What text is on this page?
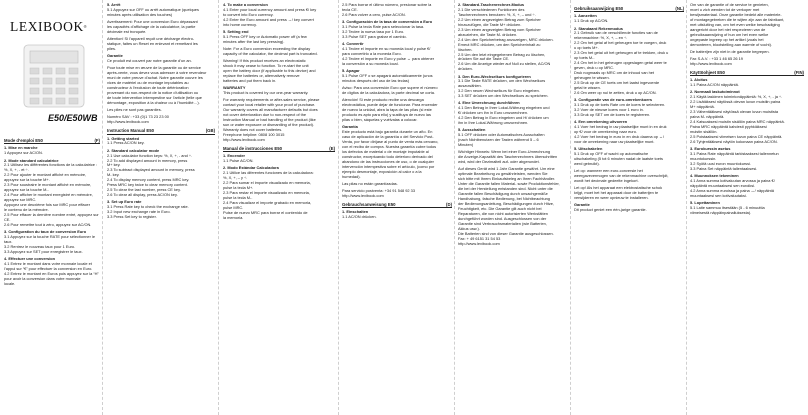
LEXIBOOK®
E50/E50WB
Mode d’emploi E50	(F)

1. Mise en marche

1 Appuyez sur AC/ON.

2. Mode standard calculatrice

2.1 Utilisez les différentes fonctions de la calculatrice :

%, X, +, - et ÷.

2.2 Pour ajouter le montant affiché en mémoire,

appuyez sur la touche M+.

2.3 Pour soustraire le montant affiché en mémoire,

appuyez sur la touche M-.

2.4 Pour afficher le montant enregistré en mémoire,

appuyez sur MRC.

Appuyez une deuxième fois sur MRC pour effacer

le contenu de la mémoire.

2.5 Pour effacer la dernière nombre entré, appuyez sur

CE.

2.6 Pour remettre tout à zéro, appuyez sur AC/ON.

3. Configuration du taux de conversion Euro

3.1 Appuyez sur la touche RATE pour sélectionner le

taux.

3.2 Rentrez le nouveau taux pour 1 Euro.

3.3 Appuyez sur SET pour enregistrer le taux.

4. Effectuer une conversion

4.1 Entrez le montant dans votre monnaie locale et

l’appui sur “€” pour effectuer la conversion en Euro.

4.2 Entrez le montant en Euros puis appuyez sur la “H”

pour avoir la conversion dans votre monnaie

locale.

5. Arrêt

5.1 Appuyez sur OFF ou arrêt automatique (quelques

minutes après utilisation des touches)

Avertissement: Pour une conversion Euro dépassant

les capacités d’affichage de la calculatrice, la partie

décimale est tronquée.

Attention! Si l’appareil reçoit une décharge électro-

statique, faites un Reset en enlevant et remettant les

piles.

Garantie

Ce produit est couvert par notre garantie d’un an.

Pour toute mise en œuvre de la garantie ou de service

après-vente, vous devez vous adresser à votre revendeur

muni de votre preuve d’achat. Notre garantie couvre les

vices de matériel ou de montage imputables au

constructeur à l’exclusion de toute détérioration

provenant du non-respect de la notice d’utilisation ou

de toute intervention intempestive sur l’article (telle que

démontage, exposition à la chaleur ou à l’humidité…).

Les piles ne sont pas garanties.

Numéro SAV : +33 (0)1 73 23 23 00

http://www.lexibook.com

Instruction Manual E50	(GB)

1. Getting started

1.1 Press AC/ON key.

2. Standard calculator mode

2.1 Use calculator function keys: %, X, +, - and ÷.

2.2 To add displayed amount in memory, press

M+ key.

2.3 To subtract displayed amount in memory, press

M- key.

2.4 To display memory content, press MRC key.

Press MRC key twice to clear memory content.

2.5 To clear the last number, press CE key.

2.6 To clear all display, press AC/ON key.

3. Set up Euro rate

3.1 Press Rate key to check the exchange rate.

3.2 Input new exchange rate in Euro.

3.3 Press Set key to register.

4. To make a conversion

4.1 Enter your local currency amount and press €/ key

to convert into Euro currency.

4.2 Enter the Euro amount and press →/ key convert

into home currency.

5. Setting end

5.1 Press OFF key or Automatic power off (a few

minutes after the last key pressing).

Note: For a Euro conversion exceeding the display

capacity of the calculator, the decimal part is truncated.

Warning! If this product receives an electrostatic

shock it may cease to function. To re-start the unit

open the battery door (if applicable to this device) and

replace the batteries or, alternatively remove

batteries and put them back in.

WARRANTY

This product is covered by our one-year warranty.

For warranty requirements or after-sales service, please

contact your local retailer with your proof of purchase.

Our warranty covers all manufacturer defaults but does

not cover deterioration due to non-respect of the

Instruction Manual or bad handling of the product (like

sun or water exposure or dismantling of the product).

Warranty does not cover batteries.

Freephone helpline: 0808 100 3015

http://www.lexibook.com

Manual de instrucciones E50	(E)

1. Encender

1.1 Pulse AC/ON.

2. Modo Estándar Calculadora

2.1 Utilice las diferentes funciones de la calculadora:

%, X, +, – y ÷.

2.2 Para sumar el importe visualizado en memoria,

pulse la tecla M+.

2.3 Para restar el importe visualizado en memoria,

pulse la tecla M-.

2.4 Para visualizar el importe grabado en memoria,

pulse MRC.

Pulse de nuevo MRC para borrar el contenido de

la memoria.

2.5 Para borrar el último número, presionar sobre la

tecla CE.

2.6 Para volver a cero, pulse AC/ON.

3. Configuración de la tasa de conversión a Euro

3.1 Pulse la tecla Rate para seleccionar la tasa.

3.2 Teclee la nueva tasa por 1 Euro.

3.3 Pulse SET para grabar el cambio.

4. Convertir

4.1 Teclee el importe en su moneda local y pulse €/

para convertirlo a la moneda Euro.

4.2 Teclee el importe en Euro y pulse ↔ para obtener

la conversión a su moneda local.

5. Apagar

5.1 Pulse OFF o se apagará automáticamente (unos

minutos después del uso de las teclas)

Aviso: Para una conversión Euro que supere el número

de dígitos de la calculadora, la parte decimal se corta.

Atención! Si este producto recibe una descarga

electrostática, puede dejar de funcionar. Para encender

de nuevo la unidad, abra la tapa de las pilas (si este

producto es apto para ello) y sustituya de nuevo las

pilas o bien, sáquelas y vuélvalas a colocar.

Garantía

Este producto está bajo garantía durante un año. En

caso de aplicación de la garantía o del Servicio Post-

Venta, por favor diríjase al punto de venta más cercano,

con el recibo de compra. Nuestra garantía cubre todos

los defectos de material o de montaje imputable al

constructor, exceptuando todo deterioro derivado del

abandono de las instrucciones de uso, o de cualquier

intervención intempestiva sobre el artículo, (como por

ejemplo desmontaje, exposición al calor o a la

humedad).

Las pilas no están garantizadas.

Para servicio postventa: +34 91 548 92 33

http://www.lexibook.com

Gebrauchsanweisung E50	(D)

1. Einschalten

1.1 AC/ON drücken.

2. Standard-Taschenrechner-Modus

2.1 Die verschiedenen Funktionen des

Taschenrechners benutzen: %, X, +, – und ÷.

2.2 Um einen angezeigten Betrag zum Speicher

hinzuzufügen, die Taste M+ drücken.

2.3 Um einen angezeigten Betrag vom Speicher

abzuziehen, die Taste M- drücken.

2.4 Um den Speicherbetrag anzuzeigen, MRC drücken.

Erneut MRC drücken, um den Speicherinhalt zu

löschen.

2.5 Um den letzt eingegebenen Betrag zu löschen,

drücken Sie auf die Taste CE.

2.6 Um die Anzeige wieder auf Null zu stellen, AC/ON

drücken.

3. Den Euro-Wechselkurs konfigurieren

3.1 Die Taste RATE drücken, um den Wechselkurs

auszuwählen.

3.2 Den neuen Wechselkurs für Euro eingeben.

3.3 SET drücken um den Wechselkurs zu speichern.

4. Eine Umrechnung durchführen

4.1 Den Betrag in Ihrer Lokal-Währung eingeben und

€/ drücken um ihn in Euro umzurechnen.

4.2 Den Betrag in Euro eingeben und H/ drücken um

ihn in Ihre Lokal-Währung umzurechnen.

5. Ausschalten

5.1 OFF drücken oder Automatisches Ausschalten

(nach Nichtbenutzen der Tasten während 5 – 6

Minuten)

Wichtiger Hinweis: Wenn bei einer Euro-Umrechnung

die Anzeige-Kapazität des Taschenrechners überschritten

wird, wird der Dezimalteil auf- oder abgerundet.

Auf dieses Gerät wird 1 Jahr Garantie gewährt. Um eine

optimale Bearbeitung zu gewährleisten, wenden Sie

sich bitte mit Ihrem Einkaufsbeleg an Ihren Fachhändler.

Unter die Garantie fallen Material- sowie Produktionsfehler,

die bei der Herstellung entstanden sind. Nicht unter die

Garantie fallen Beschädigung durch unsachgemäße

Handhabung, falsche Bedienung, bei Nichtbeachtung

der Bedienungsanleitung, Beschädigungen durch Hitze,

Feuchtigkeit, etc. Die Garantie gilt auch nicht bei

Reparaturen, die von nicht autorisierten Werkstätten

durchgeführt worden sind. Ausgeschlossen von der

Garantie sind Verbrauchsmaterialien (wie Batterien,

Akkus usw.).

Die Batterien sind von dieser Garantie ausgeschlossen.

Fax: + 49 6151 31 54 53

http://www.lexibook.com

Gebruiksaanwijzing E50	(NL)

1. Aanzetten

1.1 Druk op AC/ON.

2. Standaard Rekenmodus

2.1 Gebruik van de verschillende functies van de

rekenmachine: %, X, +, – en ÷.

2.2 Om het getal af het geheugen toe te voegen, druk

u op toets M+.

2.3 Om het getal uit het geheugen af te trekken, druk u

op toets M-.

2.4 Om het in het geheugen opgeslagen getal weer te

geven, druk u op MRC.

Druk nogmaals op MRC om de inhoud van het

geheugen te wissen.

2.5 Druk op de CE toets om het laatst ingevoerde

getal te wissen.

2.6 Om weer op nul te zetten, druk u op AC/ON.

3. Configuratie van de euro-omrekenkoers

3.1 Druk op de toets Rate om de koers te selecteren.

3.2 Voer de nieuwe koers voor 1 euro in.

3.3 Druk op SET om de koers te registreren.

4. Een omrekening uitvoeren

4.1 Voer het bedrag in uw plaatselijke munt in en druk

op €/ voor de omrekening naar euro.

4.2 Voer het bedrag in euro in en druk daarna op ↔/

voor de omrekening naar uw plaatselijke munt.

5. Uitschakelen

5.1 Druk op OFF of wacht op automatische

uitschakeling (5 tot 6 minuten nadat de laatste toets

werd gebruikt).

Let op: wanneer een euro-conversie het

weergavevermogen van de rekenmachine overschrijdt,

wordt het decimale gedeelte ingekort.

Let op! Als het apparaat een elektrostatische schok

krijgt, moet het het apparaat door de batterijen te

verwijderen en weer opnieuw te installeren.

Garantie

Dit product geniet een één-jarige garantie.

Om van de garantie of de service te genieten,

moet u zich wenden tot de verkoper met

bewijsmateriaal. Onze garantie bedekt alle materiele-

of montagegebreken die te wijten zijn aan de fabrikant,

met uitsluiting van, om het even welke beschadiging

aangericht door het niet respecteren van de

gebruiksaanwijzing of hun om het even welke

ongepaste ingreep op het artikel (zoals het

demonteren, blootstelling aan warmte of vocht).

De batterijen zijn niet in de garantie begrepen.

Fax S.A.V. : +33 1 46 65 26 19

http://www.lexibook.com

Käyttöohjeet E50	(FIN)

1. Aloitus

1.1 Paina AC/ON näppäintä.

2. Normaali laskutoiminnot

2.1 Käytä laskimen toimintonäppäimiä: %, X, +, - ja ÷.

2.2 Lisätäksesi näytössä olevan luvun muistiin paina

M+ näppäintä.

2.3 Vähentääksesi näytössä olevan luvun muistista

paina M- näppäintä.

2.4 Katsoaksesi muistin sisällön paina MRC näppäintä.

Paina MRC näppäintä kahdesti pyyhkiäksesi

muistin sisällön.

2.5 Poistaaksesi viimeisen luvun paina CE näppäintä.

2.6 Tyhjentääksesi näytön kokonaan paina AC/ON.

3. Eurokurssin asetus

3.1 Paina Rate näppäintä tarkistaaksesi tallennetun

muuntokurssin.

3.2 Syötä uusi euron muuntokurssi.

3.3 Paina Set näppäintä tallentaaksesi.

4. Muunnoksen tekeminen

4.1 Anna summa kotivaluutan arvossa ja paina €/

näppäintä muuntaaksesi sen euroiksi.

4.2 Anna summa euroissa ja paina ↔/ näppäintä

muuntaaksesi sen kotivaluutaksi.

5. Lopettaminen

5.1 Laite sammuu itsestään (5 - 6 minuuttia

viimeisestä näppäinpainalluksesta).
